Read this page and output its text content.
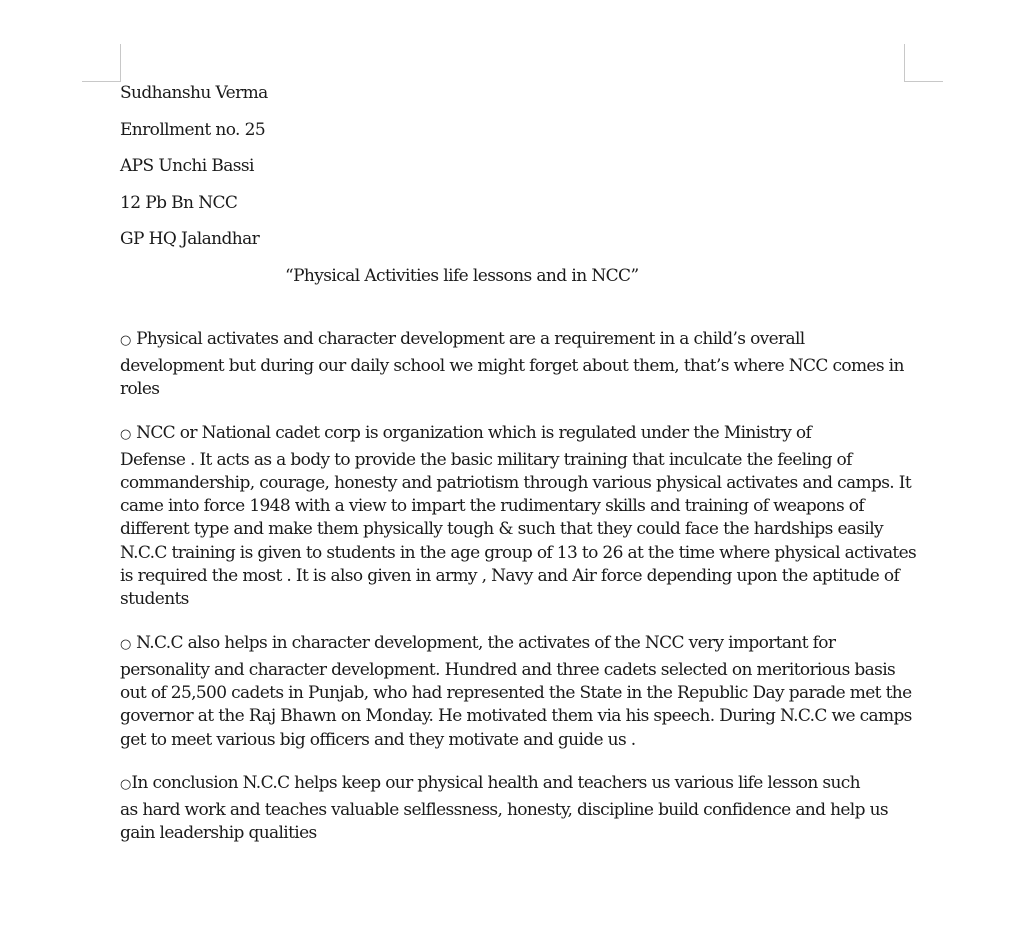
Sudhanshu Verma
Enrollment no. 25
APS Unchi Bassi
12 Pb Bn NCC
GP HQ Jalandhar
“Physical Activities life lessons and in NCC”

○ Physical activates and character development are a requirement in a child’s overall
development but during our daily school we might forget about them, that’s where NCC comes in roles

○ NCC or National cadet corp is organization which is regulated under the Ministry of
Defense . It acts as a body to provide the basic military training that inculcate the feeling of commandership, courage, honesty and patriotism through various physical activates and camps. It came into force 1948 with a view to impart the rudimentary skills and training of weapons of different type and make them physically tough & such that they could face the hardships easily N.C.C training is given to students in the age group of 13 to 26 at the time where physical activates is required the most . It is also given in army , Navy and Air force depending upon the aptitude of students

○ N.C.C also helps in character development, the activates of the NCC very important for
personality and character development. Hundred and three cadets selected on meritorious basis out of 25,500 cadets in Punjab, who had represented the State in the Republic Day parade met the governor at the Raj Bhawn on Monday. He motivated them via his speech. During N.C.C we camps get to meet various big officers and they motivate and guide us .

○In conclusion N.C.C helps keep our physical health and teachers us various life lesson such
as hard work and teaches valuable selflessness, honesty, discipline build confidence and help us gain leadership qualities
